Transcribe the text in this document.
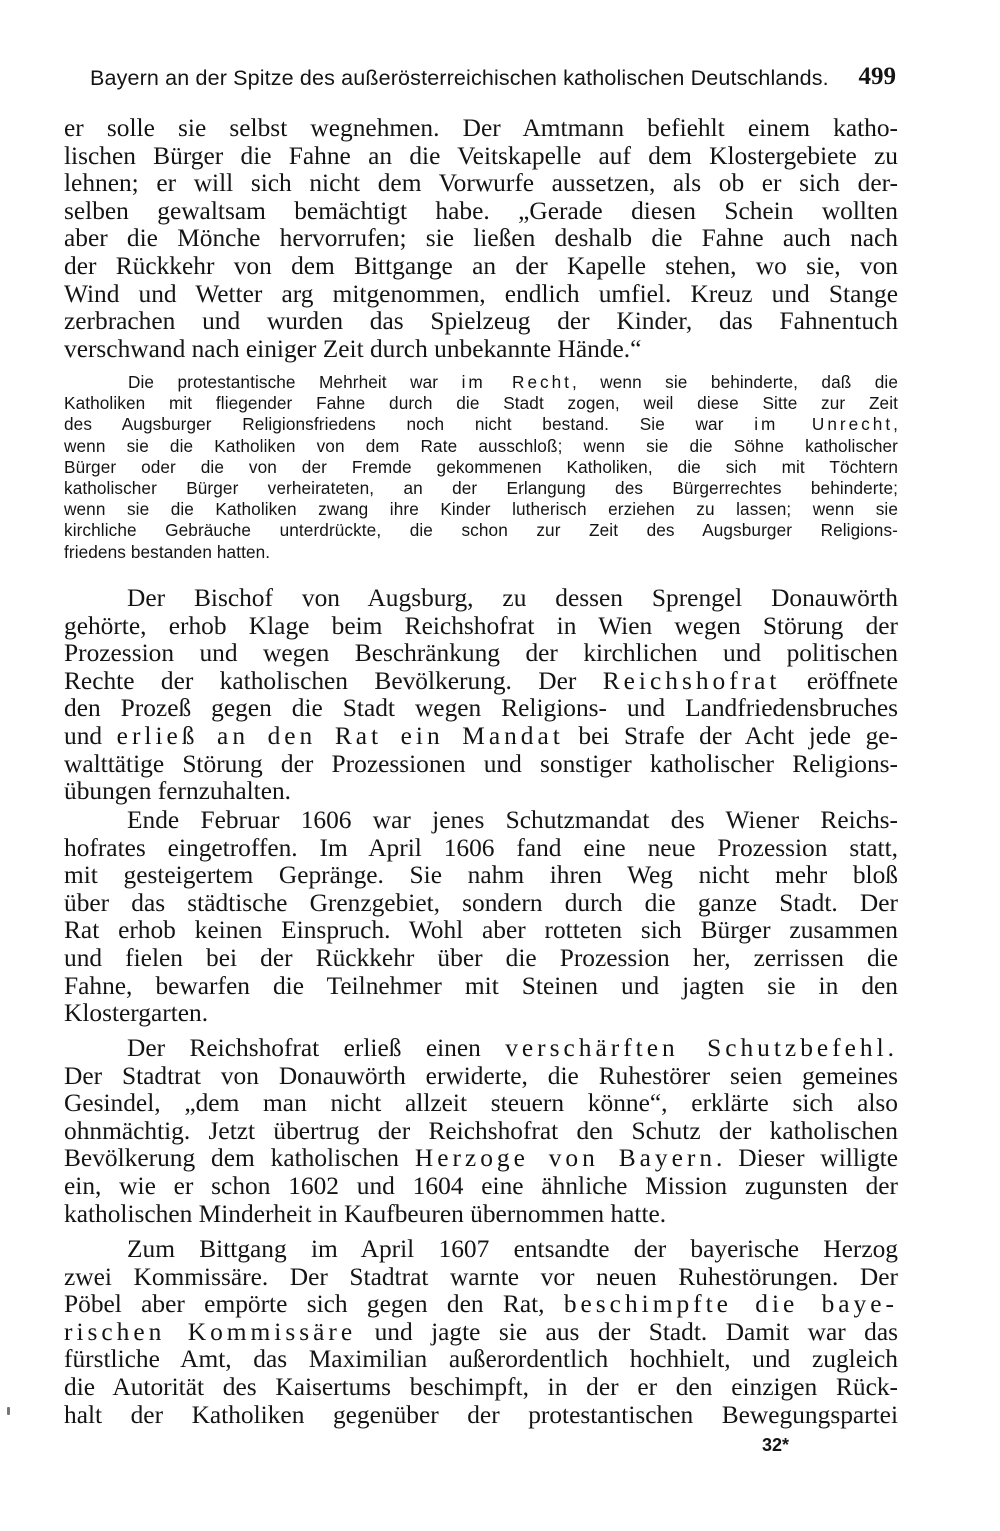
Bayern an der Spitze des außerösterreichischen katholischen Deutschlands. 499
er solle sie selbst wegnehmen. Der Amtmann befiehlt einem katho-
lischen Bürger die Fahne an die Veitskapelle auf dem Klostergebiete zu
lehnen; er will sich nicht dem Vorwurfe aussetzen, als ob er sich der-
selben gewaltsam bemächtigt habe. „Gerade diesen Schein wollten
aber die Mönche hervorrufen; sie ließen deshalb die Fahne auch nach
der Rückkehr von dem Bittgange an der Kapelle stehen, wo sie, von
Wind und Wetter arg mitgenommen, endlich umfiel. Kreuz und Stange
zerbrachen und wurden das Spielzeug der Kinder, das Fahnentuch
verschwand nach einiger Zeit durch unbekannte Hände.“
Die protestantische Mehrheit war im Recht, wenn sie behinderte, daß die
Katholiken mit fliegender Fahne durch die Stadt zogen, weil diese Sitte zur Zeit
des Augsburger Religionsfriedens noch nicht bestand. Sie war im Unrecht,
wenn sie die Katholiken von dem Rate ausschloß; wenn sie die Söhne katholischer
Bürger oder die von der Fremde gekommenen Katholiken, die sich mit Töchtern
katholischer Bürger verheirateten, an der Erlangung des Bürgerrechtes behinderte;
wenn sie die Katholiken zwang ihre Kinder lutherisch erziehen zu lassen; wenn sie
kirchliche Gebräuche unterdrückte, die schon zur Zeit des Augsburger Religions-
friedens bestanden hatten.
Der Bischof von Augsburg, zu dessen Sprengel Donauwörth
gehörte, erhob Klage beim Reichshofrat in Wien wegen Störung der
Prozession und wegen Beschränkung der kirchlichen und politischen
Rechte der katholischen Bevölkerung. Der Reichshofrat eröffnete
den Prozeß gegen die Stadt wegen Religions- und Landfriedensbruches
und erließ an den Rat ein Mandat bei Strafe der Acht jede ge-
walttätige Störung der Prozessionen und sonstiger katholischer Religions-
übungen fernzuhalten.
Ende Februar 1606 war jenes Schutzmandat des Wiener Reichs-
hofrates eingetroffen. Im April 1606 fand eine neue Prozession statt,
mit gesteigertem Gepränge. Sie nahm ihren Weg nicht mehr bloß
über das städtische Grenzgebiet, sondern durch die ganze Stadt. Der
Rat erhob keinen Einspruch. Wohl aber rotteten sich Bürger zusammen
und fielen bei der Rückkehr über die Prozession her, zerrissen die
Fahne, bewarfen die Teilnehmer mit Steinen und jagten sie in den
Klostergarten.
Der Reichshofrat erließ einen verschärften Schutzbefehl.
Der Stadtrat von Donauwörth erwiderte, die Ruhestörer seien gemeines
Gesindel, „dem man nicht allzeit steuern könne“, erklärte sich also
ohnmächtig. Jetzt übertrug der Reichshofrat den Schutz der katholischen
Bevölkerung dem katholischen Herzoge von Bayern. Dieser willigte
ein, wie er schon 1602 und 1604 eine ähnliche Mission zugunsten der
katholischen Minderheit in Kaufbeuren übernommen hatte.
Zum Bittgang im April 1607 entsandte der bayerische Herzog
zwei Kommissäre. Der Stadtrat warnte vor neuen Ruhestörungen. Der
Pöbel aber empörte sich gegen den Rat, beschimpfte die baye-
rischen Kommissäre und jagte sie aus der Stadt. Damit war das
fürstliche Amt, das Maximilian außerordentlich hochhielt, und zugleich
die Autorität des Kaisertums beschimpft, in der er den einzigen Rück-
halt der Katholiken gegenüber der protestantischen Bewegungspartei
32*
